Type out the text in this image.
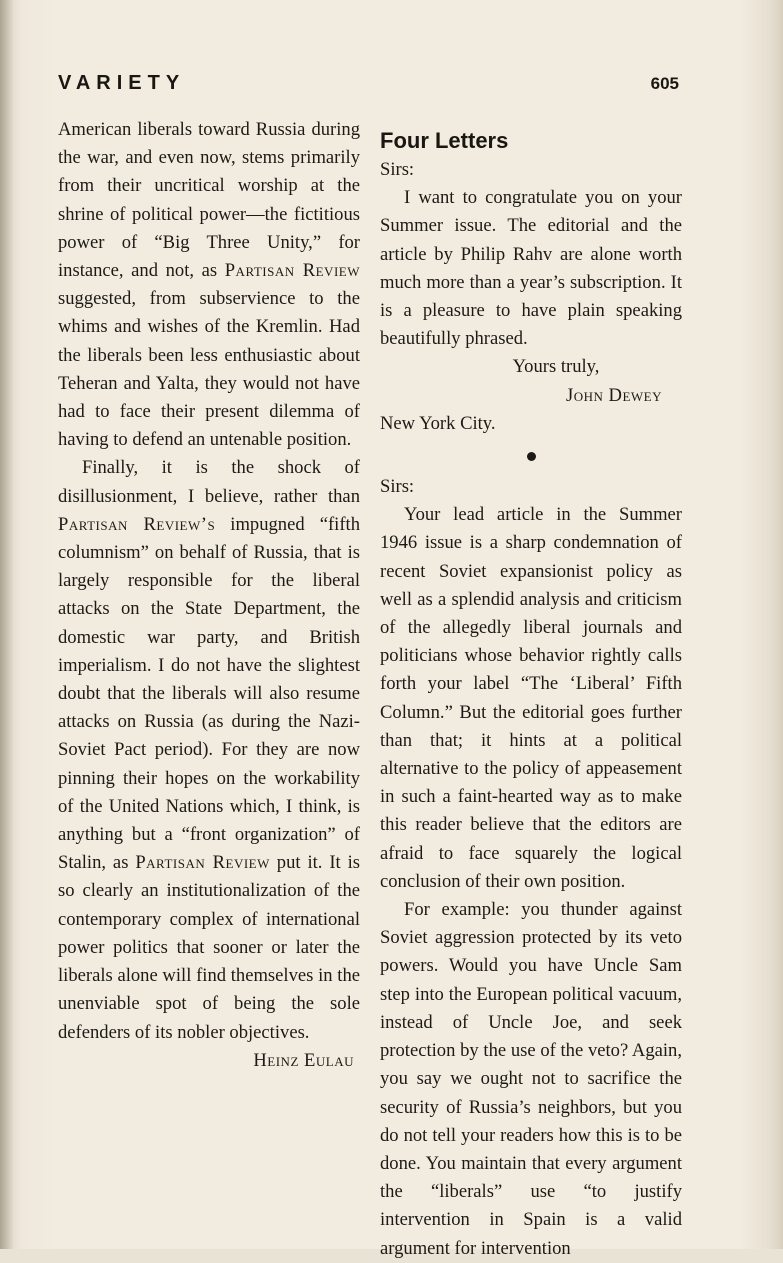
VARIETY	605

American liberals toward Russia during the war, and even now, stems primarily from their uncritical worship at the shrine of political power—the fictitious power of “Big Three Unity,” for instance, and not, as Partisan Review suggested, from subservience to the whims and wishes of the Kremlin. Had the liberals been less enthusiastic about Teheran and Yalta, they would not have had to face their present dilemma of having to defend an untenable position.

Finally, it is the shock of disillusionment, I believe, rather than Partisan Review’s impugned “fifth columnism” on behalf of Russia, that is largely responsible for the liberal attacks on the State Department, the domestic war party, and British imperialism. I do not have the slightest doubt that the liberals will also resume attacks on Russia (as during the Nazi-Soviet Pact period). For they are now pinning their hopes on the workability of the United Nations which, I think, is anything but a “front organization” of Stalin, as Partisan Review put it. It is so clearly an institutionalization of the contemporary complex of international power politics that sooner or later the liberals alone will find themselves in the unenviable spot of being the sole defenders of its nobler objectives.

Heinz Eulau

Four Letters

Sirs:

I want to congratulate you on your Summer issue. The editorial and the article by Philip Rahv are alone worth much more than a year’s subscription. It is a pleasure to have plain speaking beautifully phrased.

Yours truly,

John Dewey

New York City.

Sirs:

Your lead article in the Summer 1946 issue is a sharp condemnation of recent Soviet expansionist policy as well as a splendid analysis and criticism of the allegedly liberal journals and politicians whose behavior rightly calls forth your label “The ‘Liberal’ Fifth Column.” But the editorial goes further than that; it hints at a political alternative to the policy of appeasement in such a faint-hearted way as to make this reader believe that the editors are afraid to face squarely the logical conclusion of their own position.

For example: you thunder against Soviet aggression protected by its veto powers. Would you have Uncle Sam step into the European political vacuum, instead of Uncle Joe, and seek protection by the use of the veto? Again, you say we ought not to sacrifice the security of Russia’s neighbors, but you do not tell your readers how this is to be done. You maintain that every argument the “liberals” use “to justify intervention in Spain is a valid argument for intervention
